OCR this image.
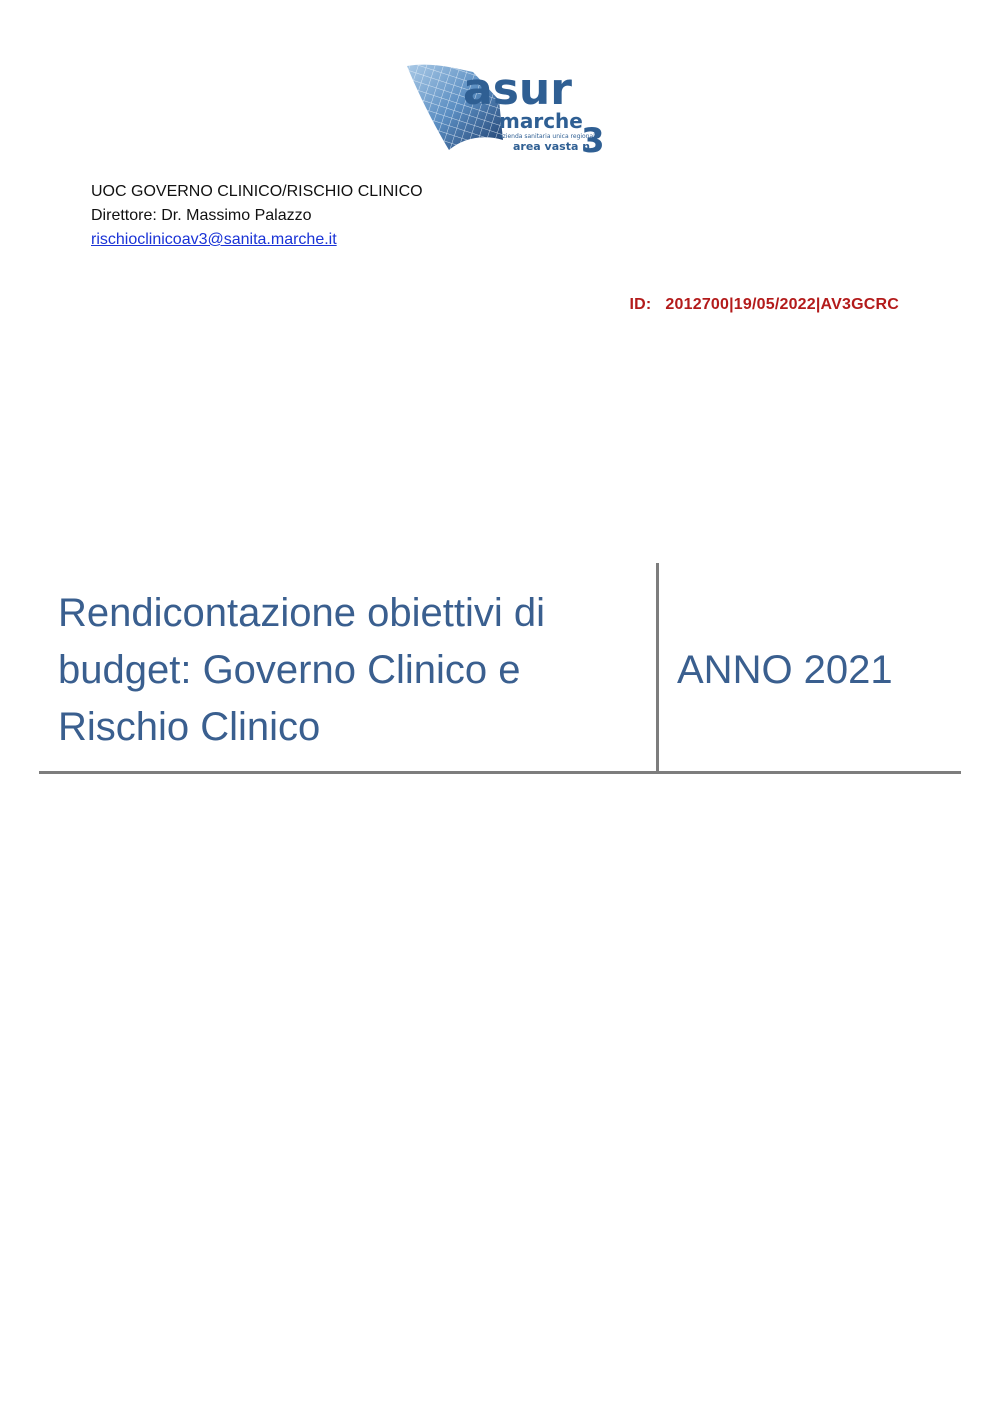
asur
marche
azienda sanitaria unica regionale
area vasta n.
3
UOC GOVERNO CLINICO/RISCHIO CLINICO
Direttore: Dr. Massimo Palazzo
rischioclinicoav3@sanita.marche.it
ID: 2012700|19/05/2022|AV3GCRC
Rendicontazione obiettivi di budget: Governo Clinico e Rischio Clinico
ANNO 2021
